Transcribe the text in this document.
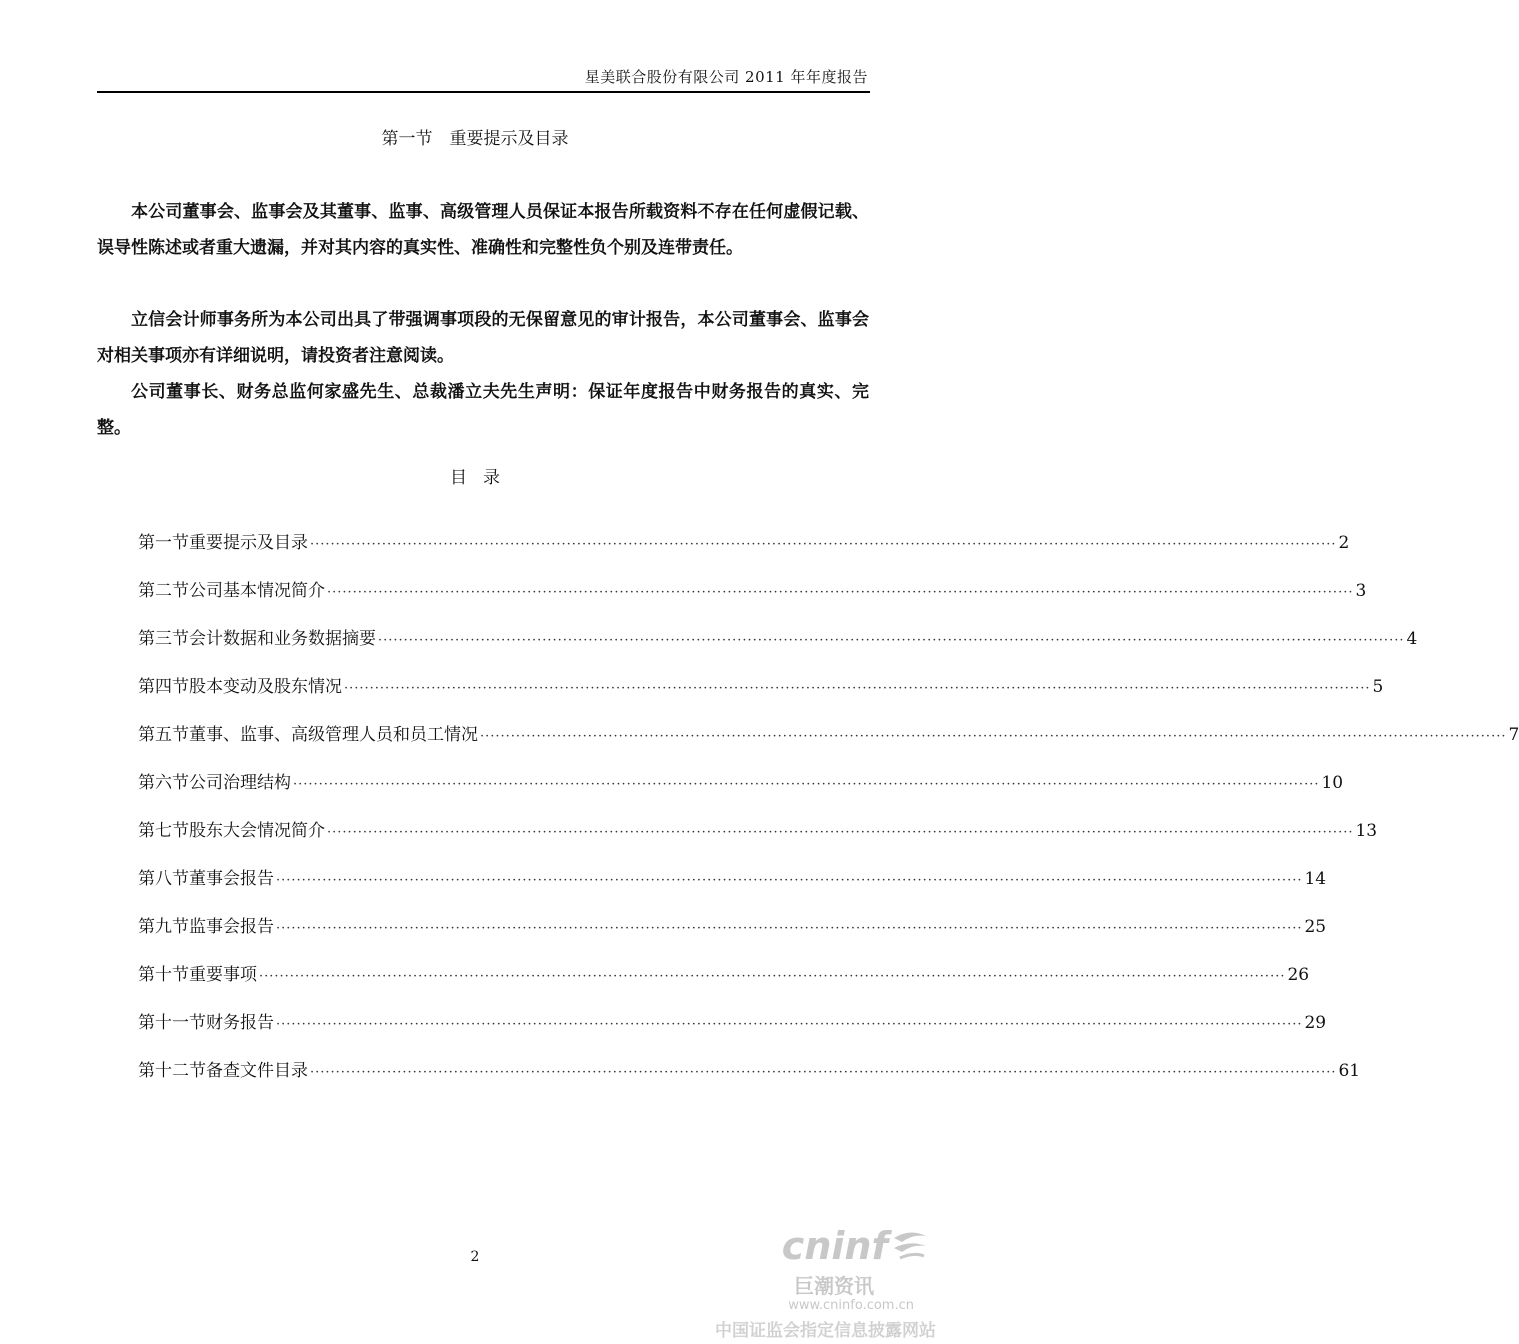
星美联合股份有限公司 2011 年年度报告
第一节　重要提示及目录

本公司董事会、监事会及其董事、监事、高级管理人员保证本报告所载资料不存在任何虚假记载、误导性陈述或者重大遗漏，并对其内容的真实性、准确性和完整性负个别及连带责任。

立信会计师事务所为本公司出具了带强调事项段的无保留意见的审计报告，本公司董事会、监事会对相关事项亦有详细说明，请投资者注意阅读。

公司董事长、财务总监何家盛先生、总裁潘立夫先生声明：保证年度报告中财务报告的真实、完整。

目录
第一节 重要提示及目录 ········································································································································································································ 2
第二节 公司基本情况简介 ········································································································································································································ 3
第三节 会计数据和业务数据摘要 ········································································································································································································ 4
第四节 股本变动及股东情况 ········································································································································································································ 5
第五节 董事、监事、高级管理人员和员工情况 ········································································································································································································ 7
第六节 公司治理结构 ········································································································································································································ 10
第七节 股东大会情况简介 ········································································································································································································ 13
第八节 董事会报告 ········································································································································································································ 14
第九节 监事会报告 ········································································································································································································ 25
第十节 重要事项 ········································································································································································································ 26
第十一节 财务报告 ········································································································································································································ 29
第十二节 备查文件目录 ········································································································································································································ 61
2	cninf
巨潮资讯
www.cninfo.com.cn
中国证监会指定信息披露网站
